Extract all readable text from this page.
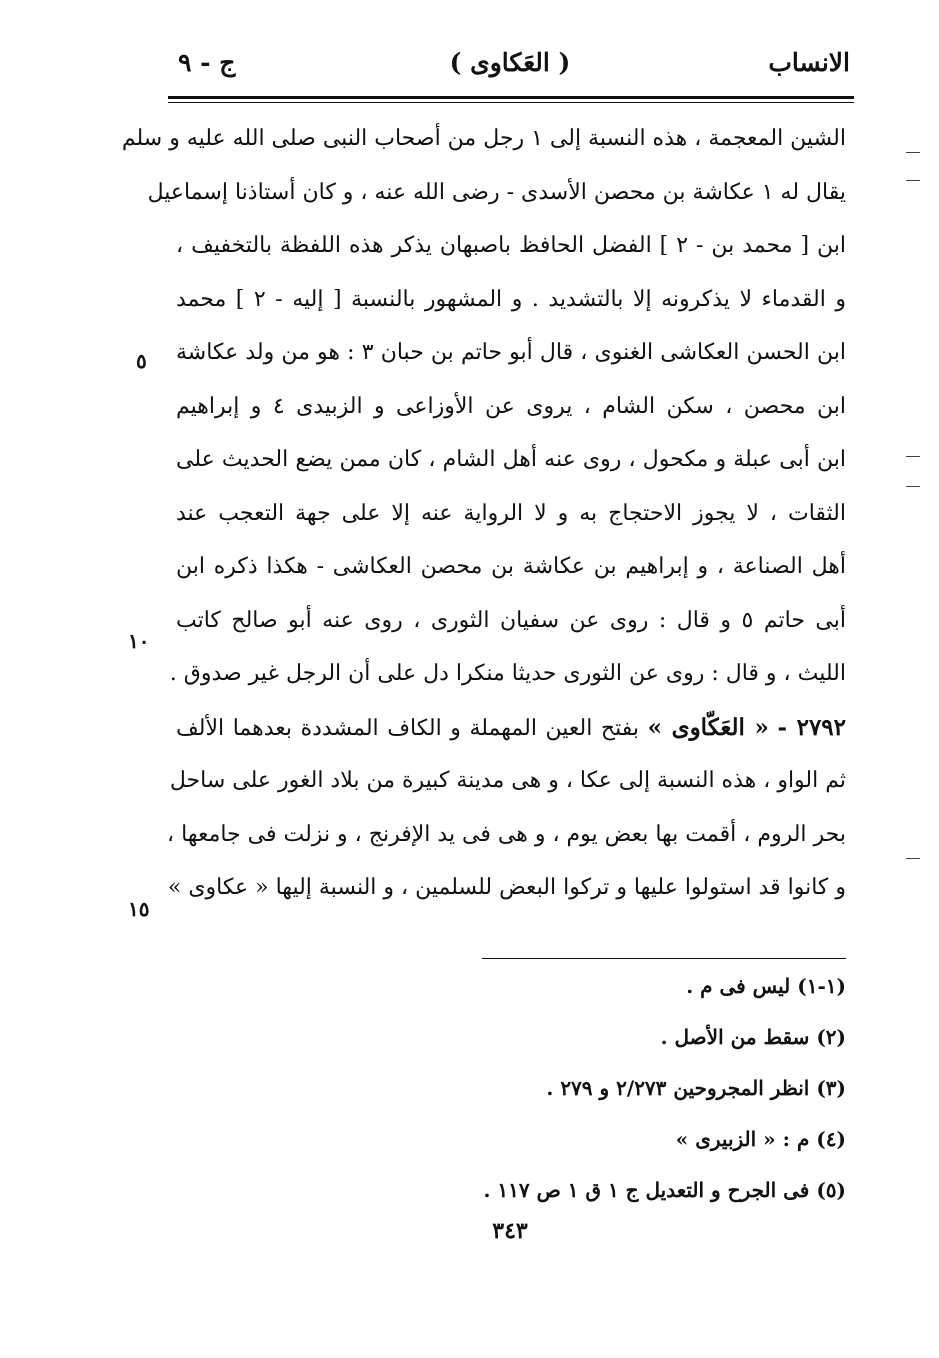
الانساب
( العَكاوى )
ج - ٩
الشين المعجمة ، هذه النسبة إلى ١ رجل من أصحاب النبى صلى الله عليه و سلم
يقال له ١ عكاشة بن محصن الأسدى - رضى الله عنه ، و كان أستاذنا إسماعيل
ابن [ محمد بن - ٢ ] الفضل الحافظ باصبهان يذكر هذه اللفظة بالتخفيف ،
و القدماء لا يذكرونه إلا بالتشديد . و المشهور بالنسبة [ إليه - ٢ ] محمد
ابن الحسن العكاشى الغنوى ، قال أبو حاتم بن حبان ٣ : هو من ولد عكاشة
ابن محصن ، سكن الشام ، يروى عن الأوزاعى و الزبيدى ٤ و إبراهيم
ابن أبى عبلة و مكحول ، روى عنه أهل الشام ، كان ممن يضع الحديث على
الثقات ، لا يجوز الاحتجاج به و لا الرواية عنه إلا على جهة التعجب عند
أهل الصناعة ، و إبراهيم بن عكاشة بن محصن العكاشى - هكذا ذكره ابن
أبى حاتم ٥ و قال : روى عن سفيان الثورى ، روى عنه أبو صالح كاتب
الليث ، و قال : روى عن الثورى حديثا منكرا دل على أن الرجل غير صدوق .
٢٧٩٢ - « العَكّاوى » بفتح العين المهملة و الكاف المشددة بعدهما الألف
ثم الواو ، هذه النسبة إلى عكا ، و هى مدينة كبيرة من بلاد الغور على ساحل
بحر الروم ، أقمت بها بعض يوم ، و هى فى يد الإفرنج ، و نزلت فى جامعها ،
و كانوا قد استولوا عليها و تركوا البعض للسلمين ، و النسبة إليها « عكاوى »
٥
١٠
١٥
(١-١) ليس فى م .
(٢) سقط من الأصل .
(٣) انظر المجروحين ٢/٢٧٣ و ٢٧٩ .
(٤) م : « الزبيرى »
(٥) فى الجرح و التعديل ج ١ ق ١ ص ١١٧ .
٣٤٣
